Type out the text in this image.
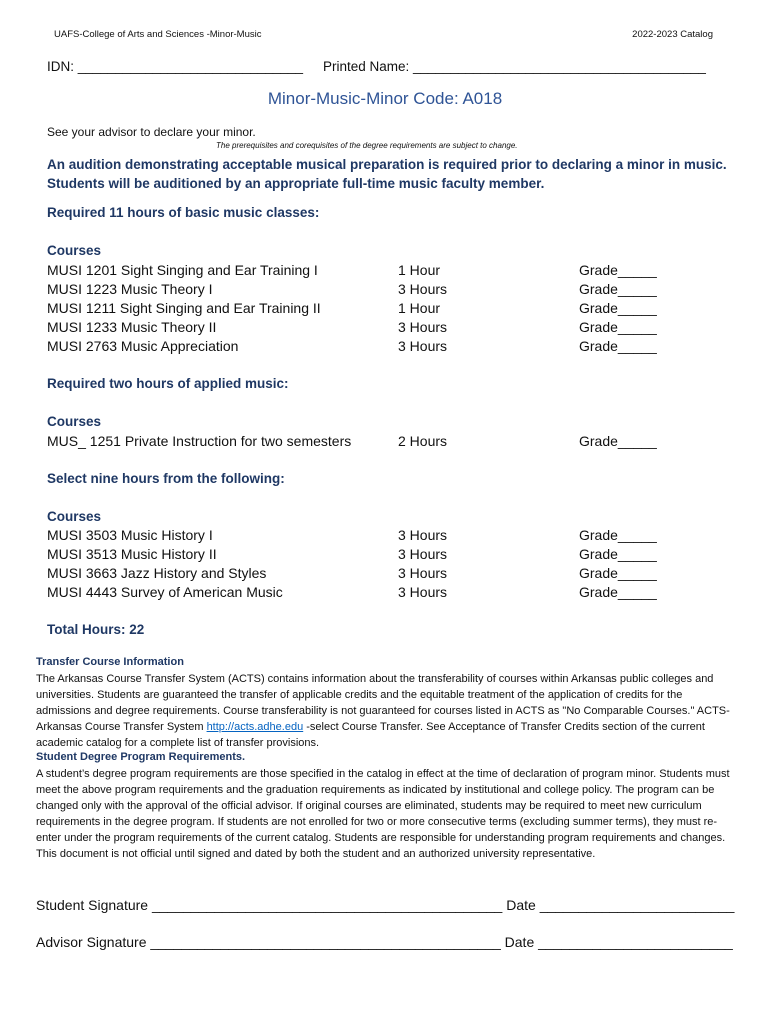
UAFS-College of Arts and Sciences -Minor-Music	2022-2023 Catalog
IDN: ______________________________ Printed Name: _______________________________________
Minor-Music-Minor Code: A018
See your advisor to declare your minor.
The prerequisites and corequisites of the degree requirements are subject to change.
An audition demonstrating acceptable musical preparation is required prior to declaring a minor in music.
Students will be auditioned by an appropriate full-time music faculty member.
Required 11 hours of basic music classes:
Courses
MUSI 1201 Sight Singing and Ear Training I	1 Hour	Grade_____
MUSI 1223 Music Theory I	3 Hours	Grade_____
MUSI 1211 Sight Singing and Ear Training II	1 Hour	Grade_____
MUSI 1233 Music Theory II	3 Hours	Grade_____
MUSI 2763 Music Appreciation	3 Hours	Grade_____
Required two hours of applied music:
Courses
MUS_ 1251 Private Instruction for two semesters	2 Hours	Grade_____
Select nine hours from the following:
Courses
MUSI 3503 Music History I	3 Hours	Grade_____
MUSI 3513 Music History II	3 Hours	Grade_____
MUSI 3663 Jazz History and Styles	3 Hours	Grade_____
MUSI 4443 Survey of American Music	3 Hours	Grade_____
Total Hours: 22
Transfer Course Information
The Arkansas Course Transfer System (ACTS) contains information about the transferability of courses within Arkansas public colleges and universities. Students are guaranteed the transfer of applicable credits and the equitable treatment of the application of credits for the admissions and degree requirements. Course transferability is not guaranteed for courses listed in ACTS as "No Comparable Courses." ACTS-Arkansas Course Transfer System http://acts.adhe.edu -select Course Transfer. See Acceptance of Transfer Credits section of the current academic catalog for a complete list of transfer provisions.
Student Degree Program Requirements.
A student’s degree program requirements are those specified in the catalog in effect at the time of declaration of program minor. Students must meet the above program requirements and the graduation requirements as indicated by institutional and college policy. The program can be changed only with the approval of the official advisor. If original courses are eliminated, students may be required to meet new curriculum requirements in the degree program. If students are not enrolled for two or more consecutive terms (excluding summer terms), they must re-enter under the program requirements of the current catalog. Students are responsible for understanding program requirements and changes. This document is not official until signed and dated by both the student and an authorized university representative.
Student Signature _____________________________________________ Date _________________________
Advisor Signature _____________________________________________ Date _________________________
